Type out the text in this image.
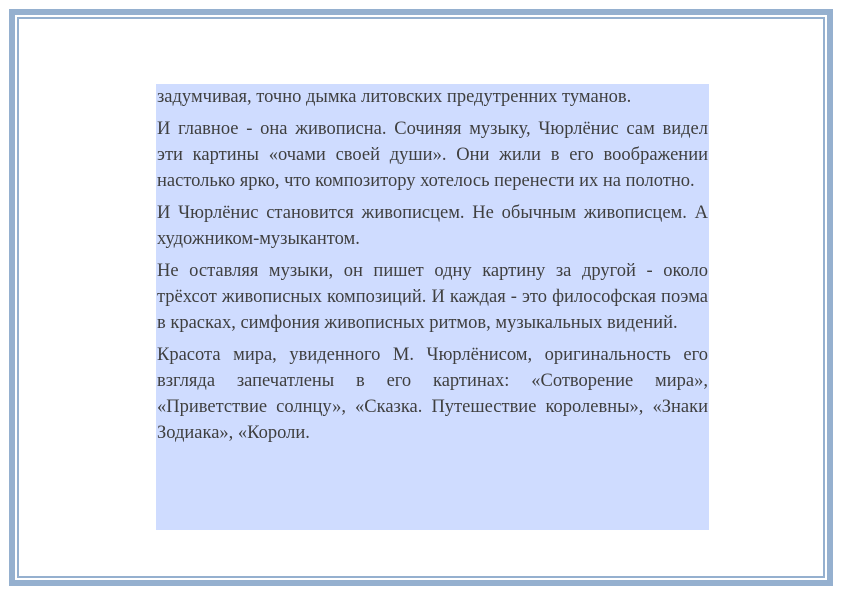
задумчивая, точно дымка литовских предутренних туманов.

И главное - она живописна. Сочиняя музыку, Чюрлёнис сам видел эти картины «очами своей души». Они жили в его воображении настолько ярко, что композитору хотелось перенести их на полотно.

И Чюрлёнис становится живописцем. Не обычным живописцем. А художником-музыкантом.

Не оставляя музыки, он пишет одну картину за другой - около трёхсот живописных композиций. И каждая - это философская поэма в красках, симфония живописных ритмов, музыкальных видений.

Красота мира, увиденного М. Чюрлёнисом, оригинальность его взгляда запечатлены в его картинах: «Сотворение мира», «Приветствие солнцу», «Сказка. Путешествие королевны», «Знаки Зодиака», «Короли.
